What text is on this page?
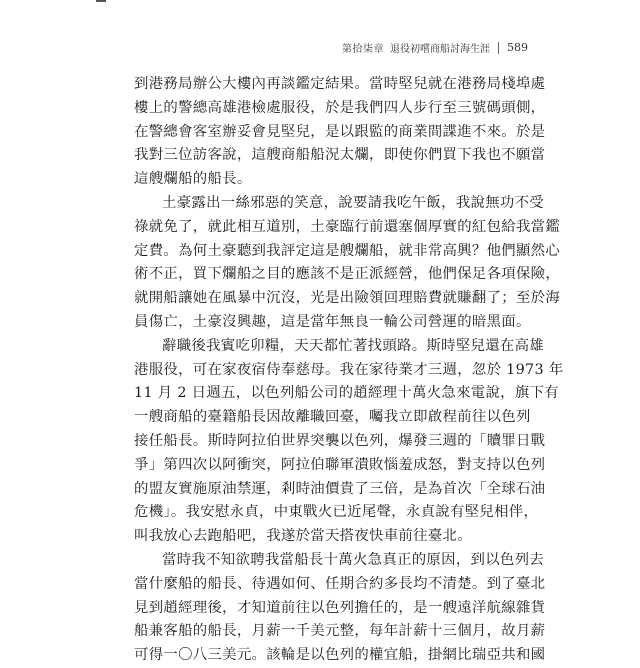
第拾柒章 退役初嚐商船討海生涯 589
到港務局辦公大樓內再談鑑定結果。當時堅兒就在港務局棧埠處
樓上的警總高雄港檢處服役，於是我們四人步行至三號碼頭側，
在警總會客室辦妥會見堅兒，是以跟監的商業間諜進不來。於是
我對三位訪客說，這艘商船船況太爛，即使你們買下我也不願當
這艘爛船的船長。
土豪露出一絲邪惡的笑意，說要請我吃午飯，我說無功不受
祿就免了，就此相互道別，土豪臨行前還塞個厚實的紅包給我當鑑
定費。為何土豪聽到我評定這是艘爛船，就非常高興？他們顯然心
術不正，買下爛船之目的應該不是正派經營，他們保足各項保險，
就開船讓她在風暴中沉沒，光是出險領回理賠費就賺翻了；至於海
員傷亡，土豪沒興趣，這是當年無良一輪公司營運的暗黑面。
辭職後我賓吃卯糧，天天都忙著找頭路。斯時堅兒還在高雄
港服役，可在家夜宿侍奉慈母。我在家待業才三週，忽於 1973 年
11 月 2 日週五，以色列船公司的趙經理十萬火急來電說，旗下有
一艘商船的臺籍船長因故離職回臺，囑我立即啟程前往以色列
接任船長。斯時阿拉伯世界突襲以色列，爆發三週的「贖罪日戰
爭」第四次以阿衝突，阿拉伯聯軍潰敗惱羞成怒，對支持以色列
的盟友實施原油禁運，剎時油價貴了三倍，是為首次「全球石油
危機」。我安慰永貞，中東戰火已近尾聲，永貞說有堅兒相伴，
叫我放心去跑船吧，我遂於當天搭夜快車前往臺北。
當時我不知欲聘我當船長十萬火急真正的原因，到以色列去
當什麼船的船長、待遇如何、任期合約多長均不清楚。到了臺北
見到趙經理後，才知道前往以色列擔任的，是一艘遠洋航線雜貨
船兼客船的船長，月薪一千美元整，每年計薪十三個月，故月薪
可得一〇八三美元。該輪是以色列的權宜船，掛網比瑞亞共和國
